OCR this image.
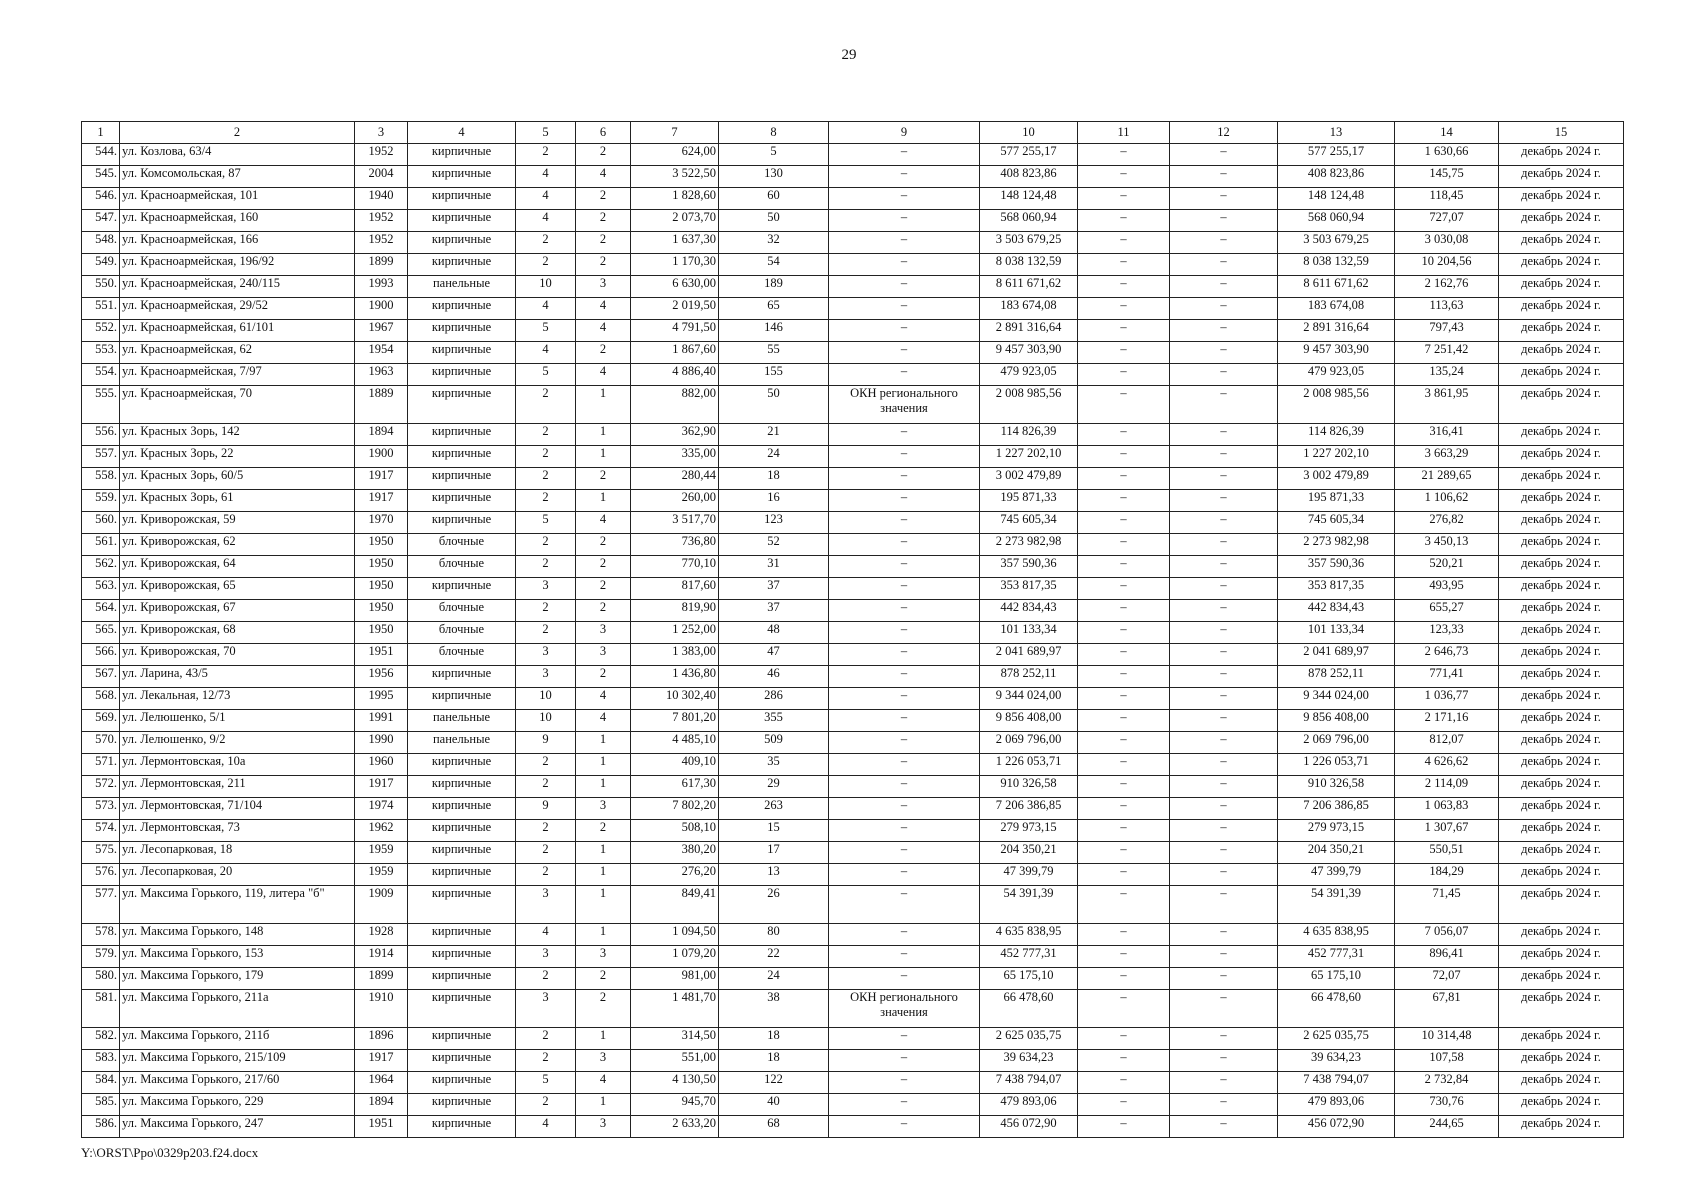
29
1	2	3	4	5	6	7	8	9	10	11	12	13	14	15
544.	ул. Козлова, 63/4	1952	кирпичные	2	2	624,00	5	–	577 255,17	–	–	577 255,17	1 630,66	декабрь 2024 г.
545.	ул. Комсомольская, 87	2004	кирпичные	4	4	3 522,50	130	–	408 823,86	–	–	408 823,86	145,75	декабрь 2024 г.
546.	ул. Красноармейская, 101	1940	кирпичные	4	2	1 828,60	60	–	148 124,48	–	–	148 124,48	118,45	декабрь 2024 г.
547.	ул. Красноармейская, 160	1952	кирпичные	4	2	2 073,70	50	–	568 060,94	–	–	568 060,94	727,07	декабрь 2024 г.
548.	ул. Красноармейская, 166	1952	кирпичные	2	2	1 637,30	32	–	3 503 679,25	–	–	3 503 679,25	3 030,08	декабрь 2024 г.
549.	ул. Красноармейская, 196/92	1899	кирпичные	2	2	1 170,30	54	–	8 038 132,59	–	–	8 038 132,59	10 204,56	декабрь 2024 г.
550.	ул. Красноармейская, 240/115	1993	панельные	10	3	6 630,00	189	–	8 611 671,62	–	–	8 611 671,62	2 162,76	декабрь 2024 г.
551.	ул. Красноармейская, 29/52	1900	кирпичные	4	4	2 019,50	65	–	183 674,08	–	–	183 674,08	113,63	декабрь 2024 г.
552.	ул. Красноармейская, 61/101	1967	кирпичные	5	4	4 791,50	146	–	2 891 316,64	–	–	2 891 316,64	797,43	декабрь 2024 г.
553.	ул. Красноармейская, 62	1954	кирпичные	4	2	1 867,60	55	–	9 457 303,90	–	–	9 457 303,90	7 251,42	декабрь 2024 г.
554.	ул. Красноармейская, 7/97	1963	кирпичные	5	4	4 886,40	155	–	479 923,05	–	–	479 923,05	135,24	декабрь 2024 г.
555.	ул. Красноармейская, 70	1889	кирпичные	2	1	882,00	50	ОКН регионального значения	2 008 985,56	–	–	2 008 985,56	3 861,95	декабрь 2024 г.
556.	ул. Красных Зорь, 142	1894	кирпичные	2	1	362,90	21	–	114 826,39	–	–	114 826,39	316,41	декабрь 2024 г.
557.	ул. Красных Зорь, 22	1900	кирпичные	2	1	335,00	24	–	1 227 202,10	–	–	1 227 202,10	3 663,29	декабрь 2024 г.
558.	ул. Красных Зорь, 60/5	1917	кирпичные	2	2	280,44	18	–	3 002 479,89	–	–	3 002 479,89	21 289,65	декабрь 2024 г.
559.	ул. Красных Зорь, 61	1917	кирпичные	2	1	260,00	16	–	195 871,33	–	–	195 871,33	1 106,62	декабрь 2024 г.
560.	ул. Криворожская, 59	1970	кирпичные	5	4	3 517,70	123	–	745 605,34	–	–	745 605,34	276,82	декабрь 2024 г.
561.	ул. Криворожская, 62	1950	блочные	2	2	736,80	52	–	2 273 982,98	–	–	2 273 982,98	3 450,13	декабрь 2024 г.
562.	ул. Криворожская, 64	1950	блочные	2	2	770,10	31	–	357 590,36	–	–	357 590,36	520,21	декабрь 2024 г.
563.	ул. Криворожская, 65	1950	кирпичные	3	2	817,60	37	–	353 817,35	–	–	353 817,35	493,95	декабрь 2024 г.
564.	ул. Криворожская, 67	1950	блочные	2	2	819,90	37	–	442 834,43	–	–	442 834,43	655,27	декабрь 2024 г.
565.	ул. Криворожская, 68	1950	блочные	2	3	1 252,00	48	–	101 133,34	–	–	101 133,34	123,33	декабрь 2024 г.
566.	ул. Криворожская, 70	1951	блочные	3	3	1 383,00	47	–	2 041 689,97	–	–	2 041 689,97	2 646,73	декабрь 2024 г.
567.	ул. Ларина, 43/5	1956	кирпичные	3	2	1 436,80	46	–	878 252,11	–	–	878 252,11	771,41	декабрь 2024 г.
568.	ул. Лекальная, 12/73	1995	кирпичные	10	4	10 302,40	286	–	9 344 024,00	–	–	9 344 024,00	1 036,77	декабрь 2024 г.
569.	ул. Лелюшенко, 5/1	1991	панельные	10	4	7 801,20	355	–	9 856 408,00	–	–	9 856 408,00	2 171,16	декабрь 2024 г.
570.	ул. Лелюшенко, 9/2	1990	панельные	9	1	4 485,10	509	–	2 069 796,00	–	–	2 069 796,00	812,07	декабрь 2024 г.
571.	ул. Лермонтовская, 10а	1960	кирпичные	2	1	409,10	35	–	1 226 053,71	–	–	1 226 053,71	4 626,62	декабрь 2024 г.
572.	ул. Лермонтовская, 211	1917	кирпичные	2	1	617,30	29	–	910 326,58	–	–	910 326,58	2 114,09	декабрь 2024 г.
573.	ул. Лермонтовская, 71/104	1974	кирпичные	9	3	7 802,20	263	–	7 206 386,85	–	–	7 206 386,85	1 063,83	декабрь 2024 г.
574.	ул. Лермонтовская, 73	1962	кирпичные	2	2	508,10	15	–	279 973,15	–	–	279 973,15	1 307,67	декабрь 2024 г.
575.	ул. Лесопарковая, 18	1959	кирпичные	2	1	380,20	17	–	204 350,21	–	–	204 350,21	550,51	декабрь 2024 г.
576.	ул. Лесопарковая, 20	1959	кирпичные	2	1	276,20	13	–	47 399,79	–	–	47 399,79	184,29	декабрь 2024 г.
577.	ул. Максима Горького, 119, литера "б"	1909	кирпичные	3	1	849,41	26	–	54 391,39	–	–	54 391,39	71,45	декабрь 2024 г.
578.	ул. Максима Горького, 148	1928	кирпичные	4	1	1 094,50	80	–	4 635 838,95	–	–	4 635 838,95	7 056,07	декабрь 2024 г.
579.	ул. Максима Горького, 153	1914	кирпичные	3	3	1 079,20	22	–	452 777,31	–	–	452 777,31	896,41	декабрь 2024 г.
580.	ул. Максима Горького, 179	1899	кирпичные	2	2	981,00	24	–	65 175,10	–	–	65 175,10	72,07	декабрь 2024 г.
581.	ул. Максима Горького, 211а	1910	кирпичные	3	2	1 481,70	38	ОКН регионального значения	66 478,60	–	–	66 478,60	67,81	декабрь 2024 г.
582.	ул. Максима Горького, 211б	1896	кирпичные	2	1	314,50	18	–	2 625 035,75	–	–	2 625 035,75	10 314,48	декабрь 2024 г.
583.	ул. Максима Горького, 215/109	1917	кирпичные	2	3	551,00	18	–	39 634,23	–	–	39 634,23	107,58	декабрь 2024 г.
584.	ул. Максима Горького, 217/60	1964	кирпичные	5	4	4 130,50	122	–	7 438 794,07	–	–	7 438 794,07	2 732,84	декабрь 2024 г.
585.	ул. Максима Горького, 229	1894	кирпичные	2	1	945,70	40	–	479 893,06	–	–	479 893,06	730,76	декабрь 2024 г.
586.	ул. Максима Горького, 247	1951	кирпичные	4	3	2 633,20	68	–	456 072,90	–	–	456 072,90	244,65	декабрь 2024 г.
Y:\ORST\Ppo\0329p203.f24.docx
